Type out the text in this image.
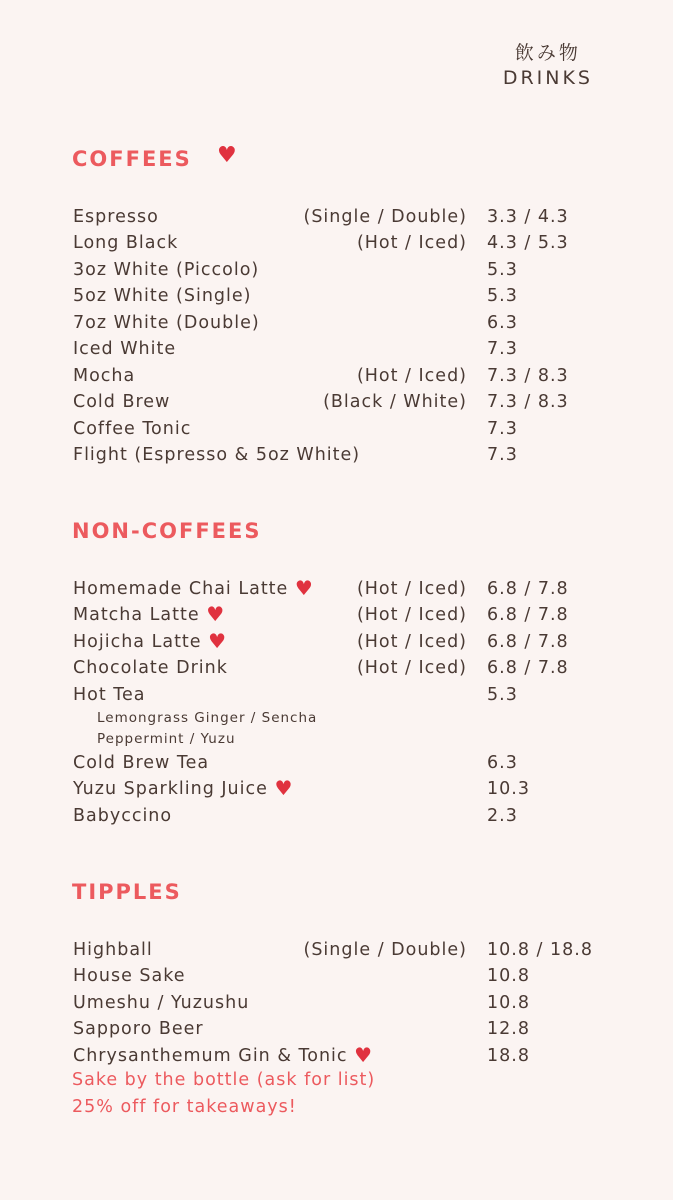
飲み物
DRINKS
COFFEES ♥
Espresso	(Single / Double) 3.3 / 4.3
Long Black	(Hot / Iced) 4.3 / 5.3
3oz White (Piccolo)	5.3
5oz White (Single)	5.3
7oz White (Double)	6.3
Iced White	7.3
Mocha	(Hot / Iced) 7.3 / 8.3
Cold Brew	(Black / White) 7.3 / 8.3
Coffee Tonic	7.3
Flight (Espresso & 5oz White)	7.3
NON-COFFEES
Homemade Chai Latte ♥ (Hot / Iced) 6.8 / 7.8
Matcha Latte ♥	(Hot / Iced) 6.8 / 7.8
Hojicha Latte ♥	(Hot / Iced) 6.8 / 7.8
Chocolate Drink	(Hot / Iced) 6.8 / 7.8
Hot Tea	5.3
Lemongrass Ginger / Sencha
Peppermint / Yuzu
Cold Brew Tea	6.3
Yuzu Sparkling Juice ♥	10.3
Babyccino	2.3
TIPPLES
Highball	(Single / Double) 10.8 / 18.8
House Sake	10.8
Umeshu / Yuzushu	10.8
Sapporo Beer	12.8
Chrysanthemum Gin & Tonic ♥	18.8
Sake by the bottle (ask for list)
25% off for takeaways!
